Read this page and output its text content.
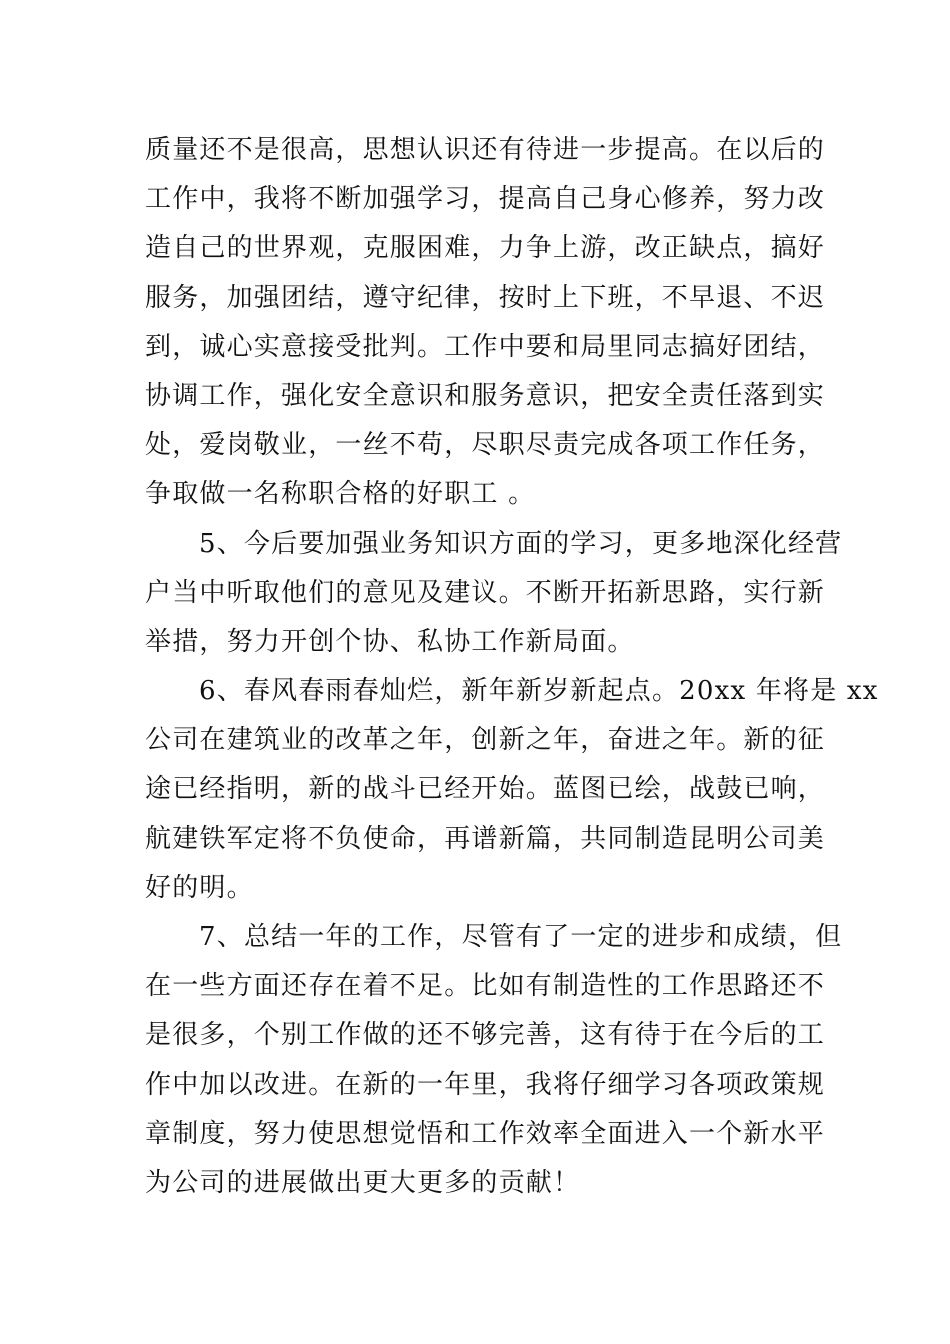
质量还不是很高，思想认识还有待进一步提高。在以后的
工作中，我将不断加强学习，提高自己身心修养，努力改
造自己的世界观，克服困难，力争上游，改正缺点，搞好
服务，加强团结，遵守纪律，按时上下班，不早退、不迟
到，诚心实意接受批判。工作中要和局里同志搞好团结，
协调工作，强化安全意识和服务意识，把安全责任落到实
处，爱岗敬业，一丝不苟，尽职尽责完成各项工作任务，
争取做一名称职合格的好职工 。
5、今后要加强业务知识方面的学习，更多地深化经营
户当中听取他们的意见及建议。不断开拓新思路，实行新
举措，努力开创个协、私协工作新局面。
6、春风春雨春灿烂，新年新岁新起点。20xx 年将是 xx
公司在建筑业的改革之年，创新之年，奋进之年。新的征
途已经指明，新的战斗已经开始。蓝图已绘，战鼓已响，
航建铁军定将不负使命，再谱新篇，共同制造昆明公司美
好的明。
7、总结一年的工作，尽管有了一定的进步和成绩，但
在一些方面还存在着不足。比如有制造性的工作思路还不
是很多，个别工作做的还不够完善，这有待于在今后的工
作中加以改进。在新的一年里，我将仔细学习各项政策规
章制度，努力使思想觉悟和工作效率全面进入一个新水平
为公司的进展做出更大更多的贡献！
